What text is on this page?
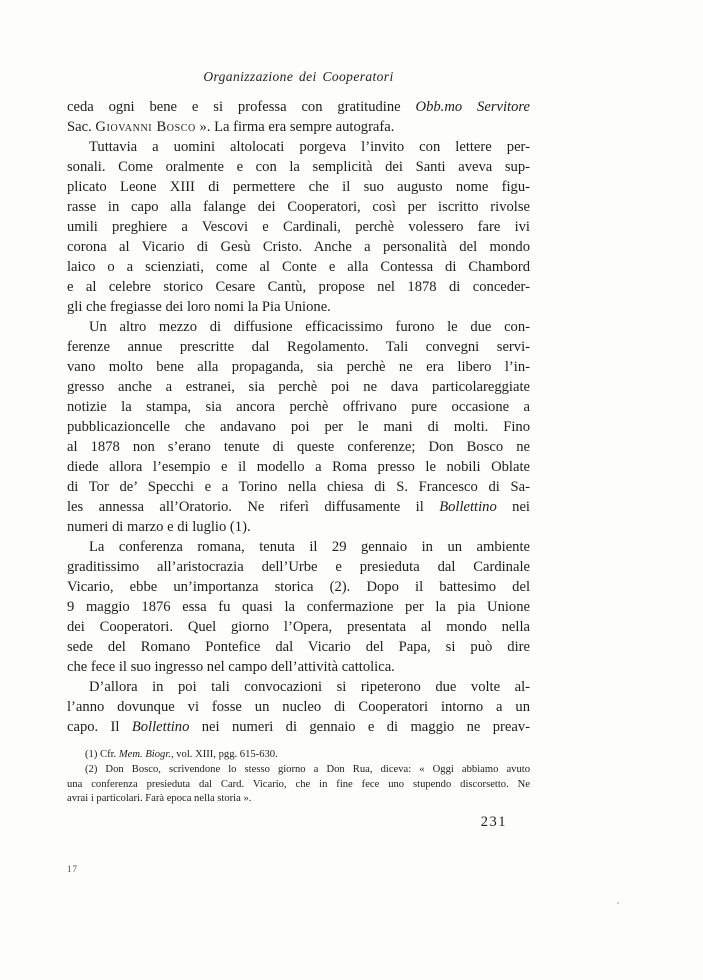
Organizzazione dei Cooperatori
ceda ogni bene e si professa con gratitudine Obb.mo Servitore
Sac. Giovanni Bosco ». La firma era sempre autografa.
Tuttavia a uomini altolocati porgeva l’invito con lettere per-
sonali. Come oralmente e con la semplicità dei Santi aveva sup-
plicato Leone XIII di permettere che il suo augusto nome figu-
rasse in capo alla falange dei Cooperatori, così per iscritto rivolse
umili preghiere a Vescovi e Cardinali, perchè volessero fare ivi
corona al Vicario di Gesù Cristo. Anche a personalità del mondo
laico o a scienziati, come al Conte e alla Contessa di Chambord
e al celebre storico Cesare Cantù, propose nel 1878 di conceder-
gli che fregiasse dei loro nomi la Pia Unione.
Un altro mezzo di diffusione efficacissimo furono le due con-
ferenze annue prescritte dal Regolamento. Tali convegni servi-
vano molto bene alla propaganda, sia perchè ne era libero l’in-
gresso anche a estranei, sia perchè poi ne dava particolareggiate
notizie la stampa, sia ancora perchè offrivano pure occasione a
pubblicazioncelle che andavano poi per le mani di molti. Fino
al 1878 non s’erano tenute di queste conferenze; Don Bosco ne
diede allora l’esempio e il modello a Roma presso le nobili Oblate
di Tor de’ Specchi e a Torino nella chiesa di S. Francesco di Sa-
les annessa all’Oratorio. Ne riferì diffusamente il Bollettino nei
numeri di marzo e di luglio (1).
La conferenza romana, tenuta il 29 gennaio in un ambiente
graditissimo all’aristocrazia dell’Urbe e presieduta dal Cardinale
Vicario, ebbe un’importanza storica (2). Dopo il battesimo del
9 maggio 1876 essa fu quasi la confermazione per la pia Unione
dei Cooperatori. Quel giorno l’Opera, presentata al mondo nella
sede del Romano Pontefice dal Vicario del Papa, si può dire
che fece il suo ingresso nel campo dell’attività cattolica.
D’allora in poi tali convocazioni si ripeterono due volte al-
l’anno dovunque vi fosse un nucleo di Cooperatori intorno a un
capo. Il Bollettino nei numeri di gennaio e di maggio ne preav-
(1) Cfr. Mem. Biogr., vol. XIII, pgg. 615-630.
(2) Don Bosco, scrivendone lo stesso giorno a Don Rua, diceva: « Oggi abbiamo avuto
una conferenza presieduta dal Card. Vicario, che in fine fece uno stupendo discorsetto. Ne
avrai i particolari. Farà epoca nella storia ».
231
17
